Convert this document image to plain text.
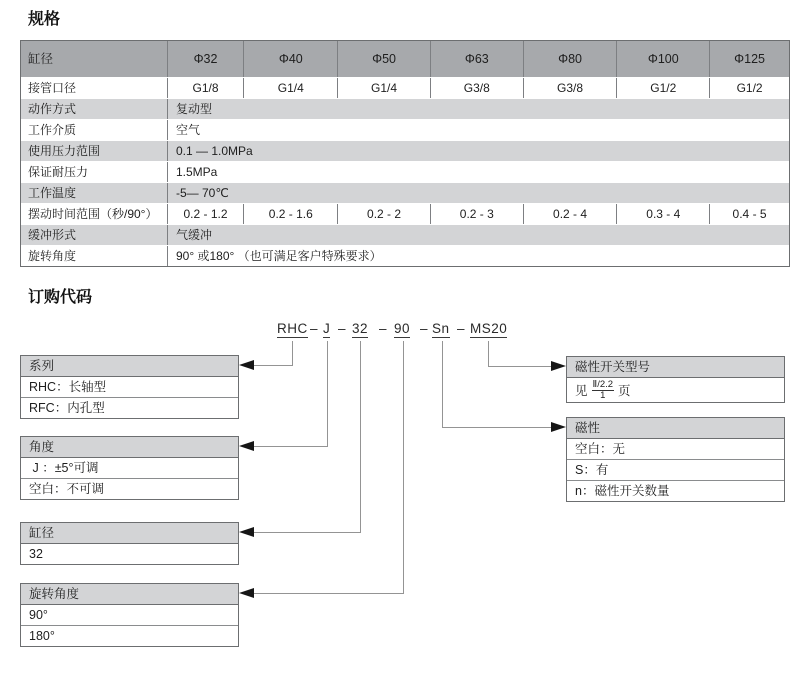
规格
缸径	Φ32	Φ40	Φ50	Φ63	Φ80	Φ100	Φ125
接管口径	G1/8	G1/4	G1/4	G3/8	G3/8	G1/2	G1/2
动作方式	复动型
工作介质	空气
使用压力范围	0.1 — 1.0MPa
保证耐压力	1.5MPa
工作温度	-5— 70℃
摆动时间范围（秒/90°）	0.2 - 1.2	0.2 - 1.6	0.2 - 2	0.2 - 3	0.2 - 4	0.3 - 4	0.4 - 5
缓冲形式	气缓冲
旋转角度	90° 或180° （也可满足客户特殊要求）
订购代码
RHC – J – 32 – 90 – Sn – MS20
系列
RHC：长轴型
RFC：内孔型
角度
J ：±5°可调
空白：不可调
缸径
32
旋转角度
90°
180°
磁性开关型号
见 $\frac{\text{Ⅱ/2.2}}{1}$ 页
磁性
空白：无
S：有
n：磁性开关数量
